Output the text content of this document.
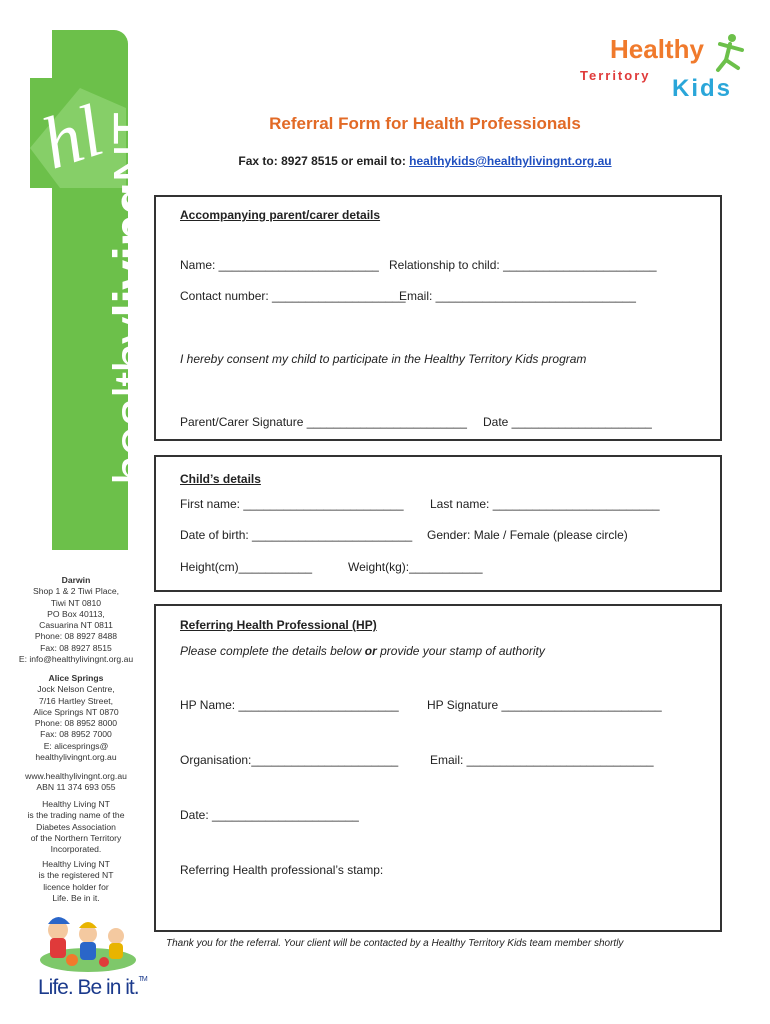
hl
healthylivingNT
Darwin
Shop 1 & 2 Tiwi Place,
Tiwi NT 0810
PO Box 40113,
Casuarina NT 0811
Phone: 08 8927 8488
Fax: 08 8927 8515
E: info@healthylivingnt.org.au
Alice Springs
Jock Nelson Centre,
7/16 Hartley Street,
Alice Springs NT 0870
Phone: 08 8952 8000
Fax: 08 8952 7000
E: alicesprings@
healthylivingnt.org.au
www.healthylivingnt.org.au
ABN 11 374 693 055
Healthy Living NT
is the trading name of the
Diabetes Association
of the Northern Territory
Incorporated.
Healthy Living NT
is the registered NT
licence holder for
Life. Be in it.
Life. Be in it.™
Healthy
Territory Kids
Referral Form for Health Professionals
Fax to: 8927 8515 or email to: healthykids@healthylivingnt.org.au
Accompanying parent/carer details
Name: ________________________ Relationship to child: _______________________
Contact number: ____________________
Email: ______________________________
I hereby consent my child to participate in the Healthy Territory Kids program
Parent/Carer Signature ________________________ Date _____________________
Child’s details
First name: ________________________ Last name: _________________________
Date of birth: ________________________ Gender: Male / Female (please circle)
Height(cm)___________	Weight(kg):___________
Referring Health Professional (HP)
Please complete the details below or provide your stamp of authority
HP Name: ________________________ HP Signature ________________________
Organisation:______________________	Email: ____________________________
Date: ______________________
Referring Health professional’s stamp:
Thank you for the referral. Your client will be contacted by a Healthy Territory Kids team member shortly
